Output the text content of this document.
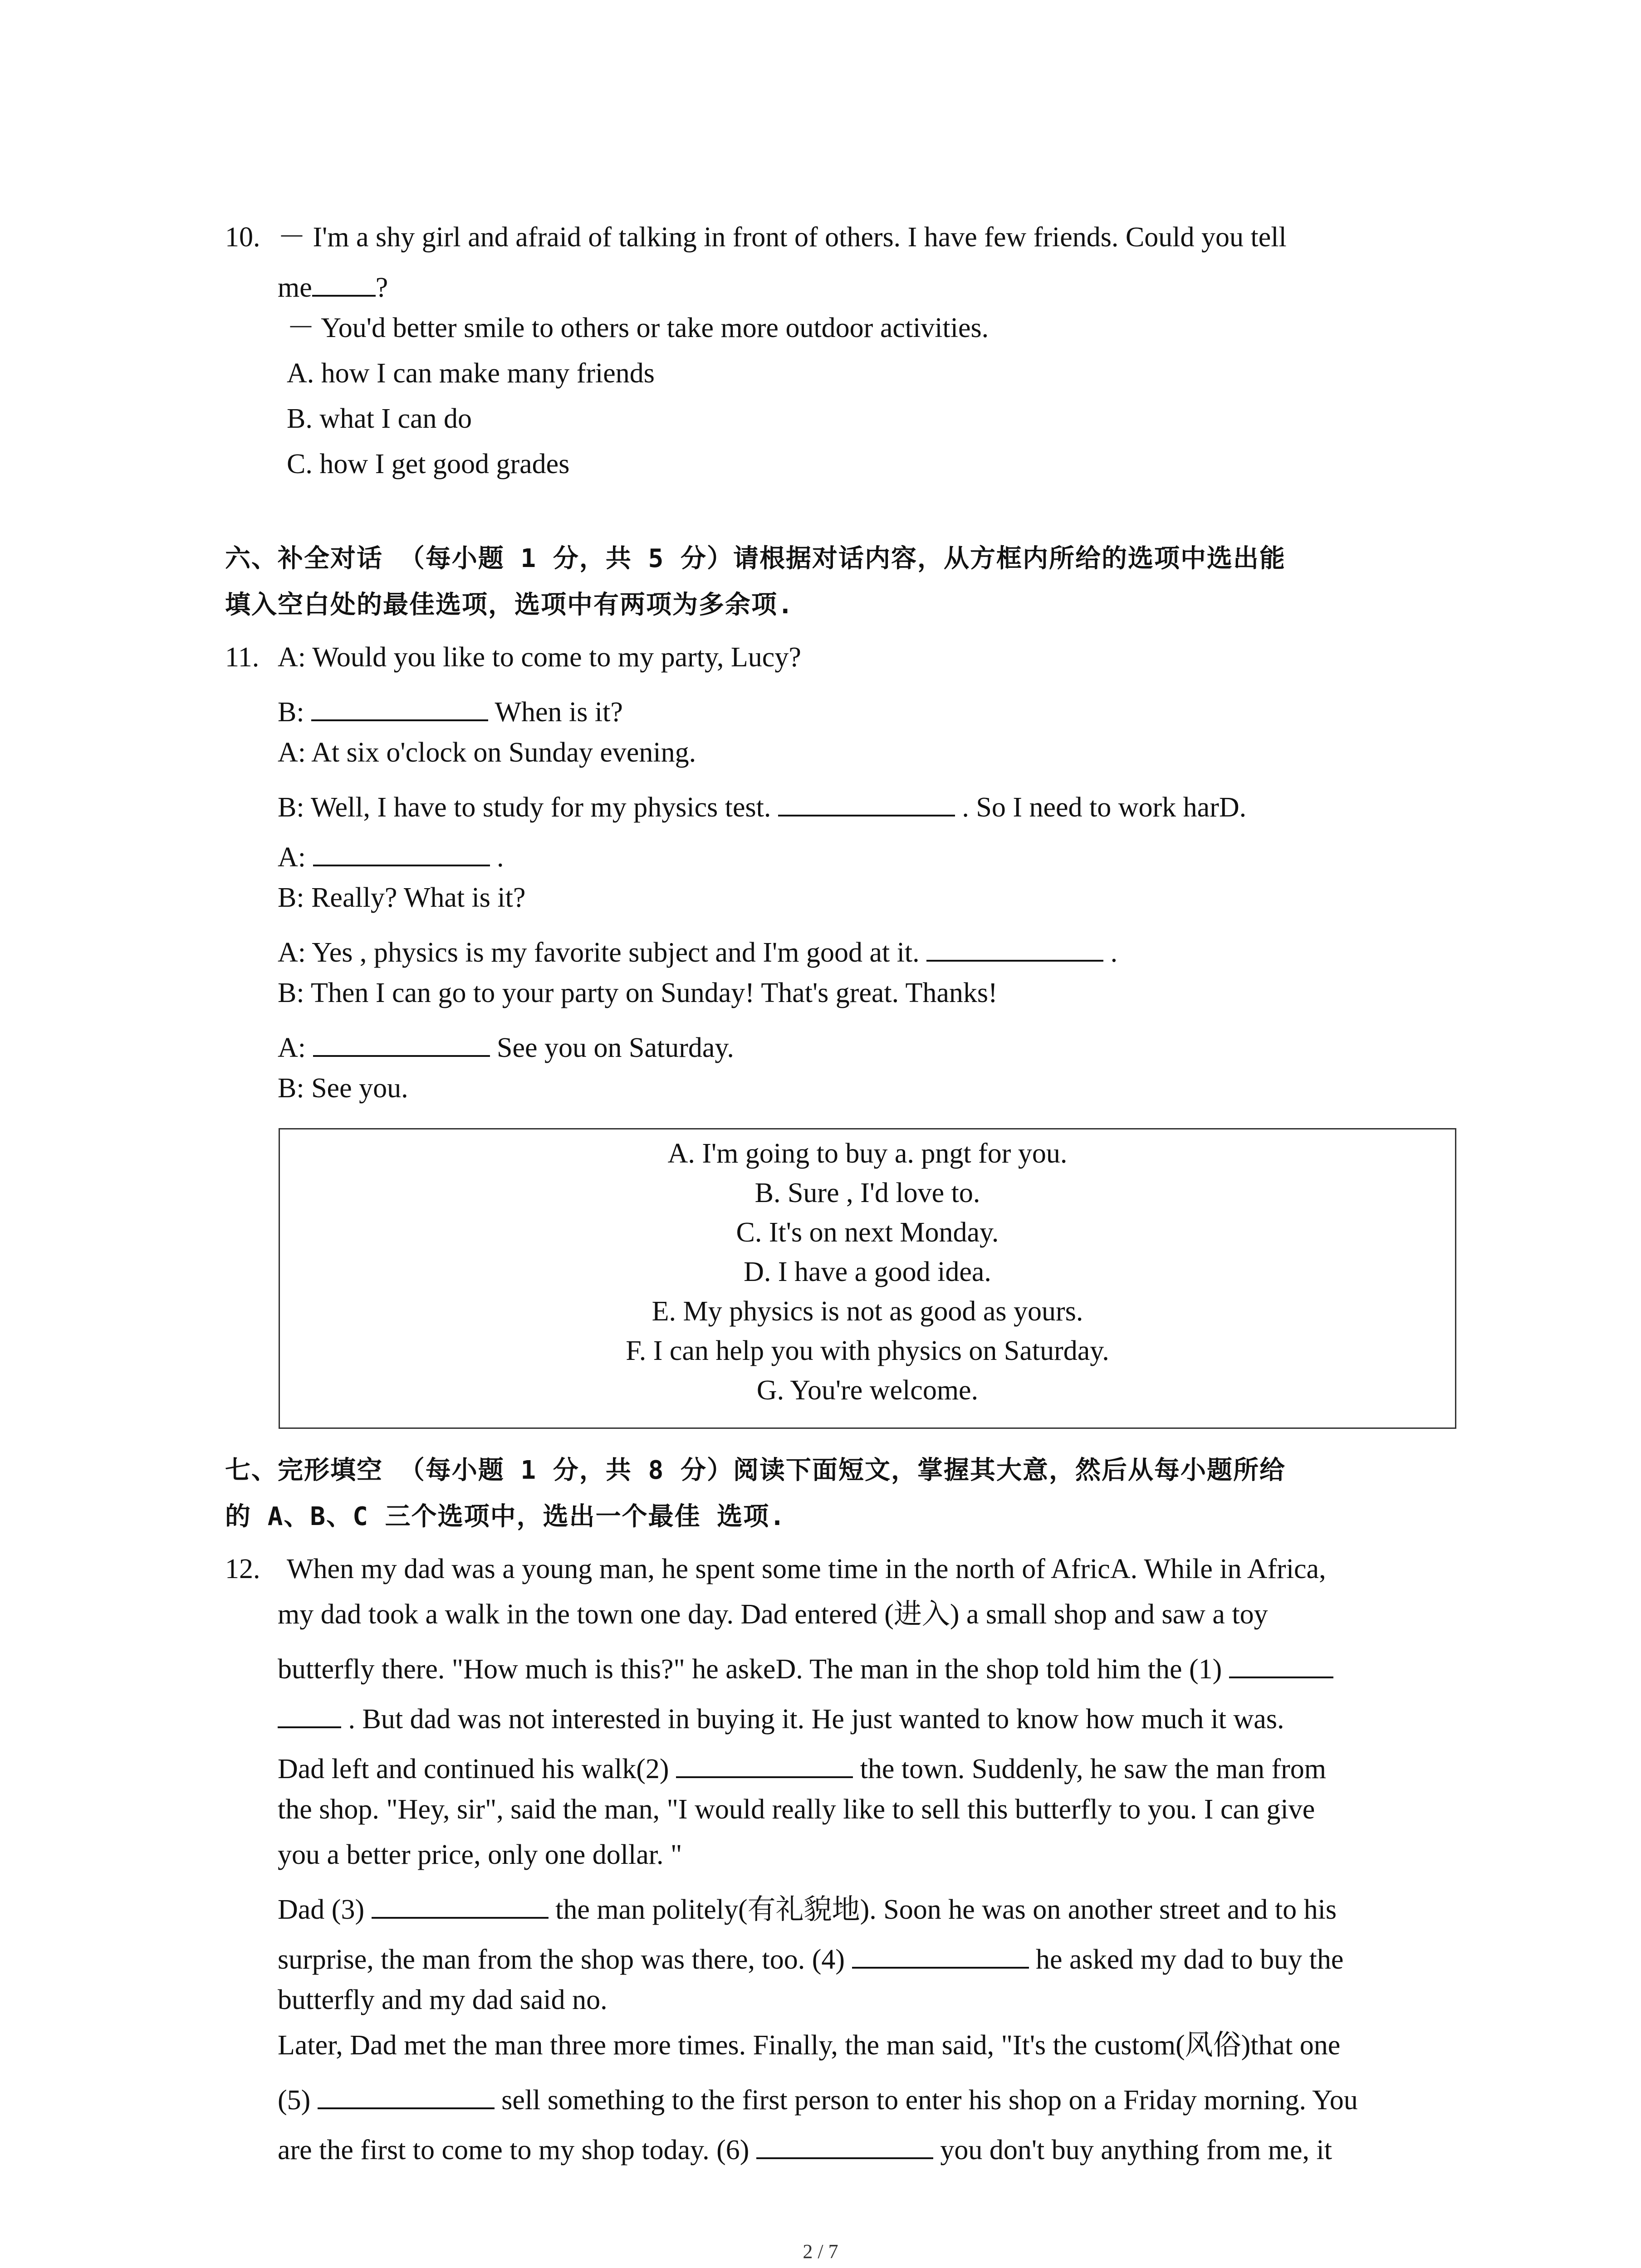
10. － I'm a shy girl and afraid of talking in front of others. I have few friends. Could you tell
me ?
－ You'd better smile to others or take more outdoor activities.
A. how I can make many friends
B. what I can do
C. how I get good grades
六、补全对话 （每小题 1 分，共 5 分）请根据对话内容，从方框内所给的选项中选出能
填入空白处的最佳选项，选项中有两项为多余项.
11. A: Would you like to come to my party, Lucy?
B:	When is it?
A: At six o'clock on Sunday evening.
B: Well, I have to study for my physics test.	. So I need to work harD.
A:	.
B: Really? What is it?
A: Yes , physics is my favorite subject and I'm good at it.	.
B: Then I can go to your party on Sunday! That's great. Thanks!
A:	See you on Saturday.
B: See you.
A. I'm going to buy a. pngt for you.
B. Sure , I'd love to.
C. It's on next Monday.
D. I have a good idea.
E. My physics is not as good as yours.
F. I can help you with physics on Saturday.
G. You're welcome.
七、完形填空 （每小题 1 分，共 8 分）阅读下面短文，掌握其大意，然后从每小题所给
的 A、B、C 三个选项中，选出一个最佳 选项.
12. When my dad was a young man, he spent some time in the north of AfricA. While in Africa,
my dad took a walk in the town one day. Dad entered (进入) a small shop and saw a toy
butterfly there. "How much is this?" he askeD. The man in the shop told him the (1)
. But dad was not interested in buying it. He just wanted to know how much it was.
Dad left and continued his walk(2)	the town. Suddenly, he saw the man from
the shop. "Hey, sir", said the man, "I would really like to sell this butterfly to you. I can give
you a better price, only one dollar. "
Dad (3)	the man politely(有礼貌地). Soon he was on another street and to his
surprise, the man from the shop was there, too. (4)	he asked my dad to buy the
butterfly and my dad said no.
Later, Dad met the man three more times. Finally, the man said, "It's the custom(风俗)that one
(5)	sell something to the first person to enter his shop on a Friday morning. You
are the first to come to my shop today. (6)	you don't buy anything from me, it
2 / 7
